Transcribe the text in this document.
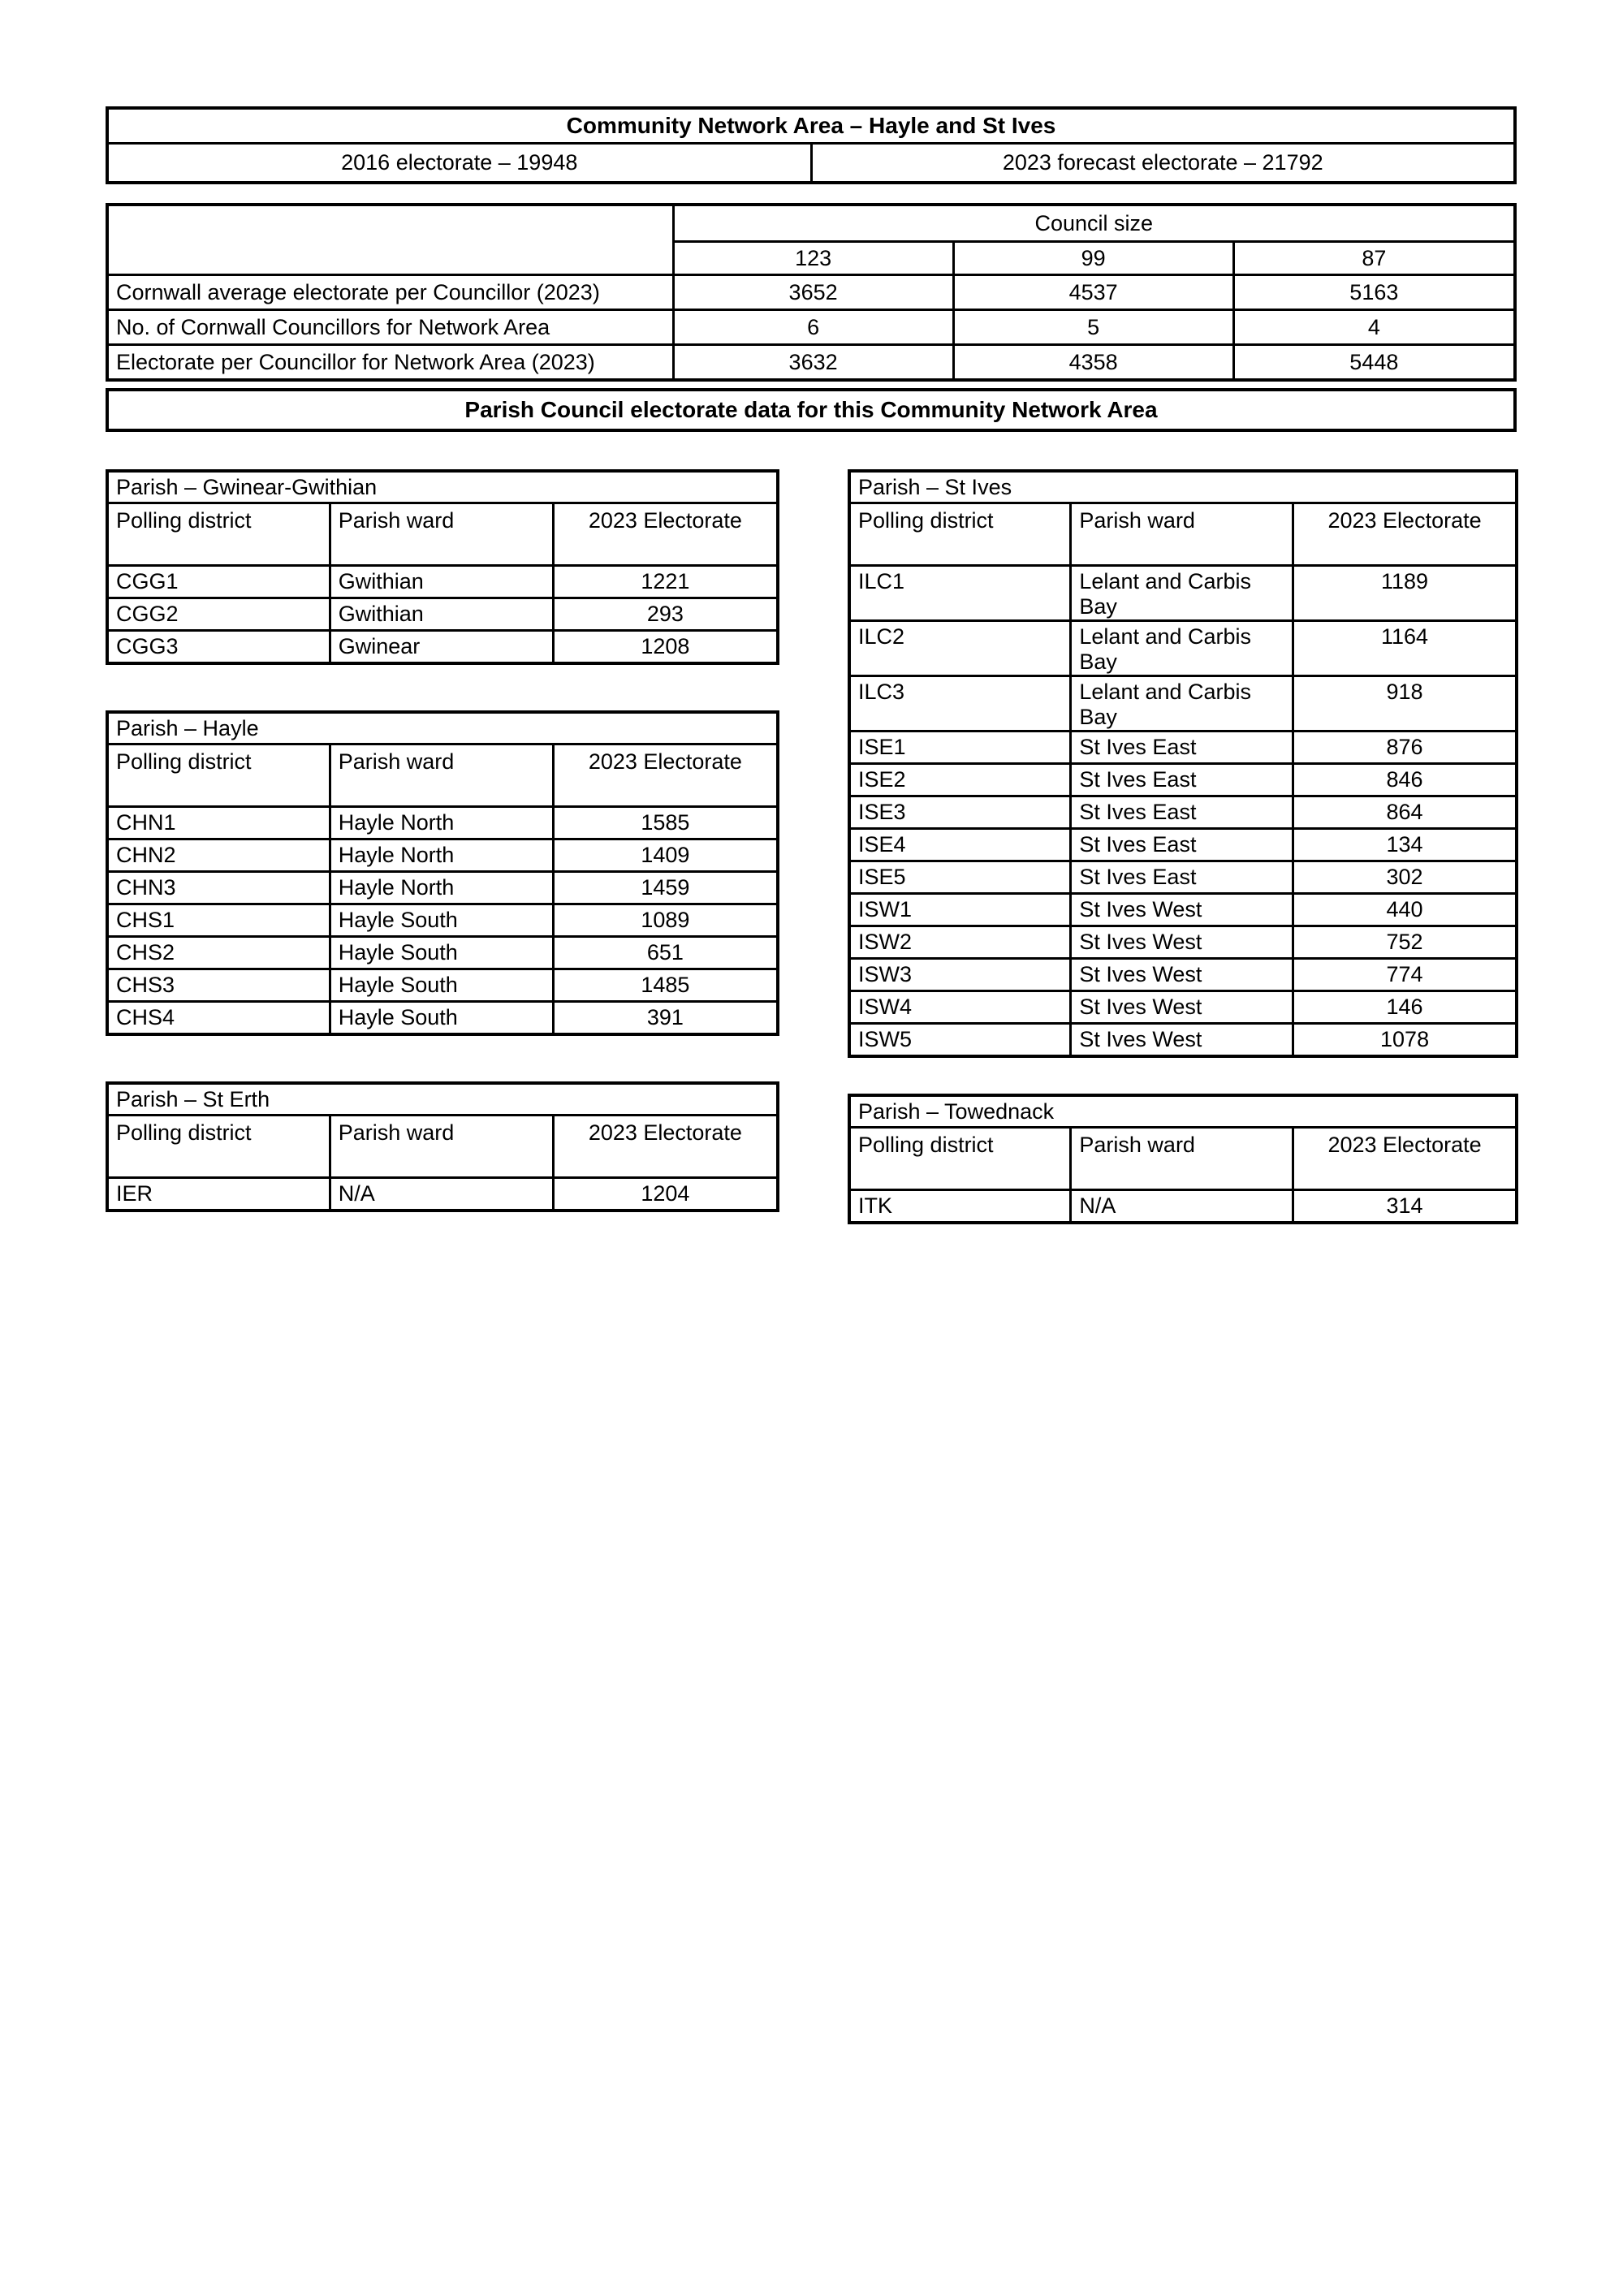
Community Network Area – Hayle and St Ives
2016 electorate – 19948	2023 forecast electorate – 21792
	Council size		
	123	99	87
Cornwall average electorate per Councillor (2023)	3652	4537	5163
No. of Cornwall Councillors for Network Area	6	5	4
Electorate per Councillor for Network Area (2023)	3632	4358	5448
Parish Council electorate data for this Community Network Area
Parish – Gwinear-Gwithian		
Polling district	Parish ward	2023 Electorate
CGG1	Gwithian	1221
CGG2	Gwithian	293
CGG3	Gwinear	1208
Parish – Hayle		
Polling district	Parish ward	2023 Electorate
CHN1	Hayle North	1585
CHN2	Hayle North	1409
CHN3	Hayle North	1459
CHS1	Hayle South	1089
CHS2	Hayle South	651
CHS3	Hayle South	1485
CHS4	Hayle South	391
Parish – St Erth		
Polling district	Parish ward	2023 Electorate
IER	N/A	1204
Parish – St Ives		
Polling district	Parish ward	2023 Electorate
ILC1	Lelant and Carbis Bay	1189
ILC2	Lelant and Carbis Bay	1164
ILC3	Lelant and Carbis Bay	918
ISE1	St Ives East	876
ISE2	St Ives East	846
ISE3	St Ives East	864
ISE4	St Ives East	134
ISE5	St Ives East	302
ISW1	St Ives West	440
ISW2	St Ives West	752
ISW3	St Ives West	774
ISW4	St Ives West	146
ISW5	St Ives West	1078
Parish – Towednack		
Polling district	Parish ward	2023 Electorate
ITK	N/A	314
